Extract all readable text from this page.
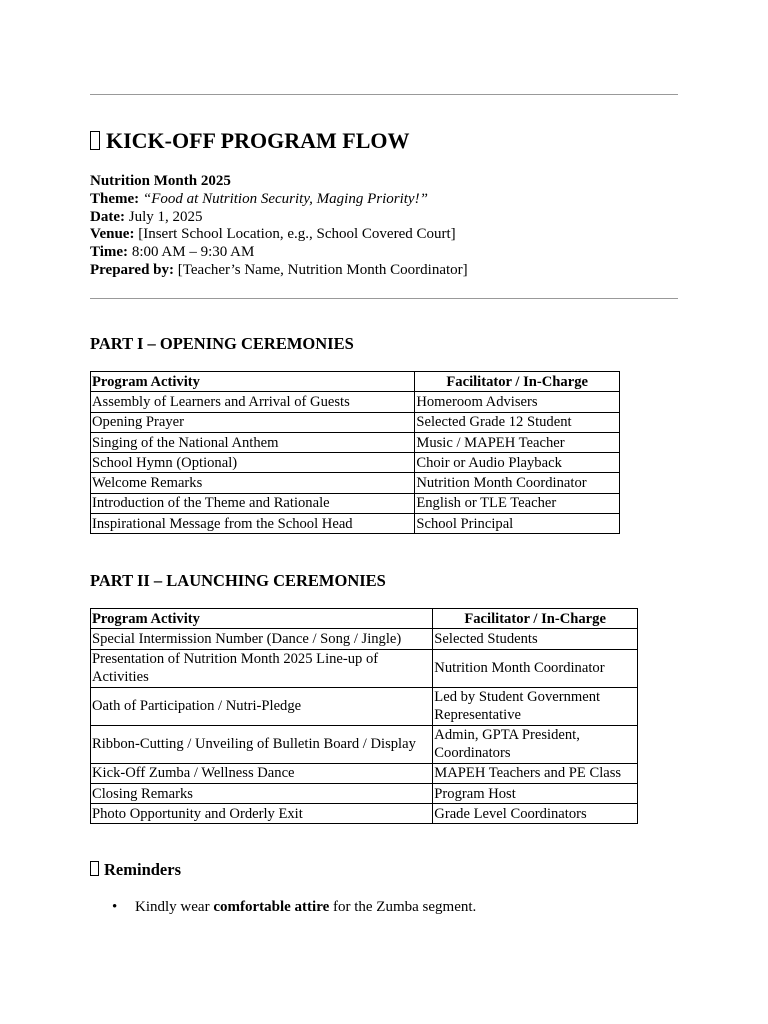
KICK-OFF PROGRAM FLOW
Nutrition Month 2025
Theme: “Food at Nutrition Security, Maging Priority!”
Date: July 1, 2025
Venue: [Insert School Location, e.g., School Covered Court]
Time: 8:00 AM – 9:30 AM
Prepared by: [Teacher’s Name, Nutrition Month Coordinator]
PART I – OPENING CEREMONIES
Program Activity	Facilitator / In-Charge
Assembly of Learners and Arrival of Guests	Homeroom Advisers
Opening Prayer	Selected Grade 12 Student
Singing of the National Anthem	Music / MAPEH Teacher
School Hymn (Optional)	Choir or Audio Playback
Welcome Remarks	Nutrition Month Coordinator
Introduction of the Theme and Rationale	English or TLE Teacher
Inspirational Message from the School Head	School Principal
PART II – LAUNCHING CEREMONIES
Program Activity	Facilitator / In-Charge
Special Intermission Number (Dance / Song / Jingle)	Selected Students
Presentation of Nutrition Month 2025 Line-up of Activities	Nutrition Month Coordinator
Oath of Participation / Nutri-Pledge	Led by Student Government Representative
Ribbon-Cutting / Unveiling of Bulletin Board / Display	Admin, GPTA President, Coordinators
Kick-Off Zumba / Wellness Dance	MAPEH Teachers and PE Class
Closing Remarks	Program Host
Photo Opportunity and Orderly Exit	Grade Level Coordinators
Reminders
• Kindly wear comfortable attire for the Zumba segment.
